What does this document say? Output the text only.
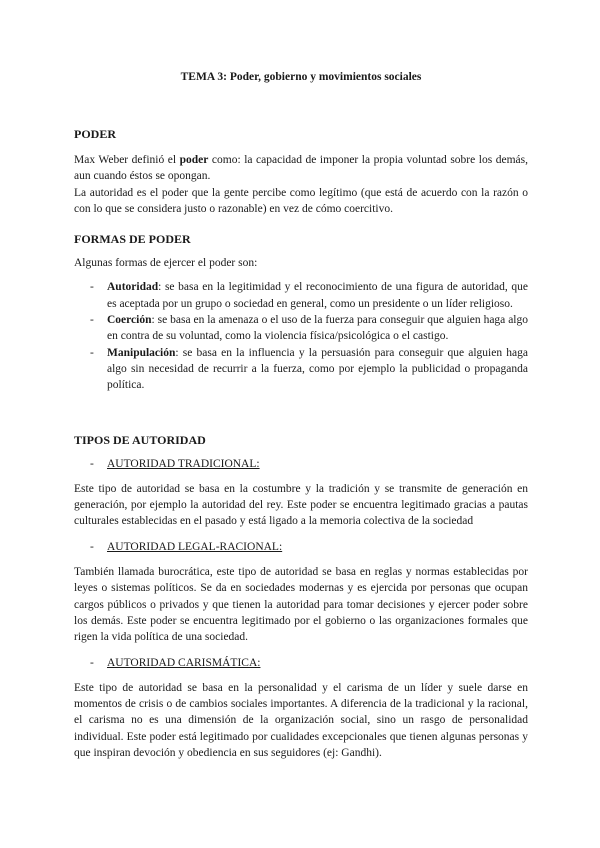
TEMA 3: Poder, gobierno y movimientos sociales
PODER

Max Weber definió el poder como: la capacidad de imponer la propia voluntad sobre los demás, aun cuando éstos se opongan.

La autoridad es el poder que la gente percibe como legítimo (que está de acuerdo con la razón o con lo que se considera justo o razonable) en vez de cómo coercitivo.

FORMAS DE PODER

Algunas formas de ejercer el poder son:

- Autoridad: se basa en la legitimidad y el reconocimiento de una figura de autoridad, que es aceptada por un grupo o sociedad en general, como un presidente o un líder religioso.
- Coerción: se basa en la amenaza o el uso de la fuerza para conseguir que alguien haga algo en contra de su voluntad, como la violencia física/psicológica o el castigo.
- Manipulación: se basa en la influencia y la persuasión para conseguir que alguien haga algo sin necesidad de recurrir a la fuerza, como por ejemplo la publicidad o propaganda política.
TIPOS DE AUTORIDAD
- AUTORIDAD TRADICIONAL:

Este tipo de autoridad se basa en la costumbre y la tradición y se transmite de generación en generación, por ejemplo la autoridad del rey. Este poder se encuentra legitimado gracias a pautas culturales establecidas en el pasado y está ligado a la memoria colectiva de la sociedad

- AUTORIDAD LEGAL-RACIONAL:

También llamada burocrática, este tipo de autoridad se basa en reglas y normas establecidas por leyes o sistemas políticos. Se da en sociedades modernas y es ejercida por personas que ocupan cargos públicos o privados y que tienen la autoridad para tomar decisiones y ejercer poder sobre los demás. Este poder se encuentra legitimado por el gobierno o las organizaciones formales que rigen la vida política de una sociedad.

- AUTORIDAD CARISMÁTICA:

Este tipo de autoridad se basa en la personalidad y el carisma de un líder y suele darse en momentos de crisis o de cambios sociales importantes. A diferencia de la tradicional y la racional, el carisma no es una dimensión de la organización social, sino un rasgo de personalidad individual. Este poder está legitimado por cualidades excepcionales que tienen algunas personas y que inspiran devoción y obediencia en sus seguidores (ej: Gandhi).
